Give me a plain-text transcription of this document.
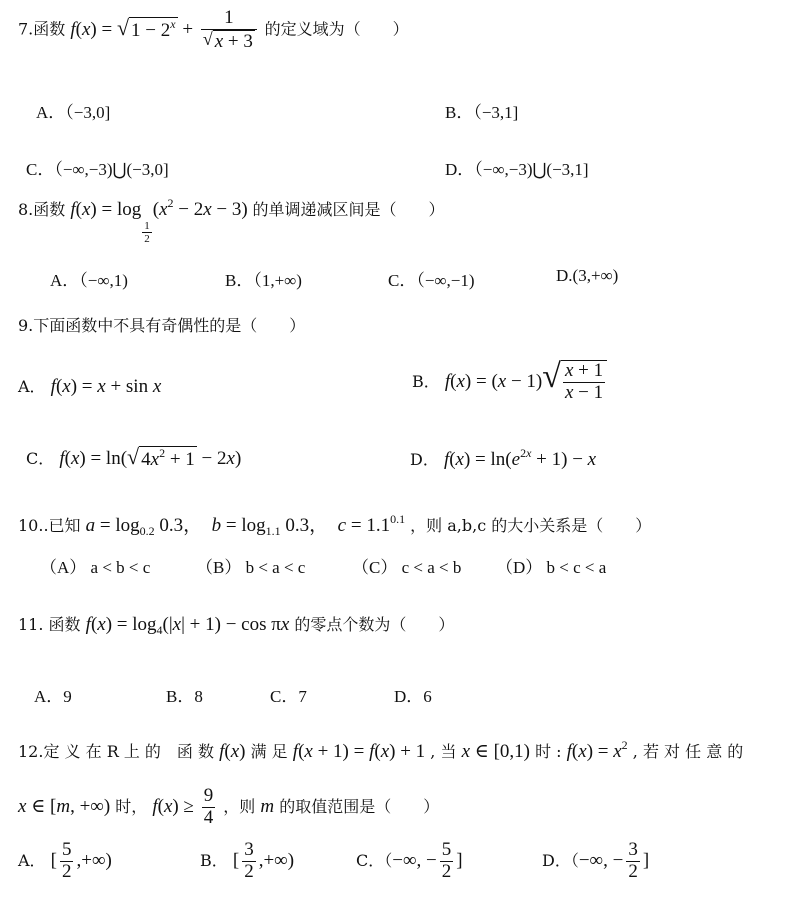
7.函数 f(x) = √ $1 - 2^x + \frac{1}{√ x + 3}$ 的定义域为（　　）
A．（−3,0]	B．（−3,1]
C．（−∞,−3)⋃(−3,0]	D．（−∞,−3)⋃(−3,1]
8.函数 f(x) = log
$\frac{1}{2}$
$(x^2 - 2x - 3)$ 的单调递减区间是（　　）
A．（−∞,1)	B．（1,+∞)	C．（−∞,−1)	D.(3,+∞)
9.下面函数中不具有奇偶性的是（　　）
A． f(x) = x + sin x	B． f(x) = (x − 1) √ $\frac{x + 1}{x - 1}$
C． f(x) = ln( √ $4x^2 + 1 - 2x$)	D． $f(x) = \ln(e^{2x} + 1) - x$
10..已知 $a = \log_{0.2} 0.3$，　$b = \log_{1.1} 0.3$，　$c = 1.1^{0.1}$ ，则 a,b,c 的大小关系是（　　）
（A） a < b < c	（B） b < a < c	（C） c < a < b （D） b < c < a
11. 函数 $f(x) = \log_4(|x| + 1) - \cos \pi x$ 的零点个数为（　　）
A．9	B．8	C．7	D．6
12.定 义 在 R 上 的　函 数 f(x) 满 足 f(x + 1) = f(x) + 1 , 当 x ∈ [0,1) 时 : $f(x) = x^2$ , 若 对 任 意 的
x ∈ [m, +∞) 时， $f(x) \ge \frac{9}{4}$ ，则 m 的取值范围是（　　）
A． [ $\frac{5}{2}$ ,+∞)	B． [ $\frac{3}{2}$ ,+∞)	C．（−∞, − $\frac{5}{2}$ ]	D．（−∞, − $\frac{3}{2}$ ]
